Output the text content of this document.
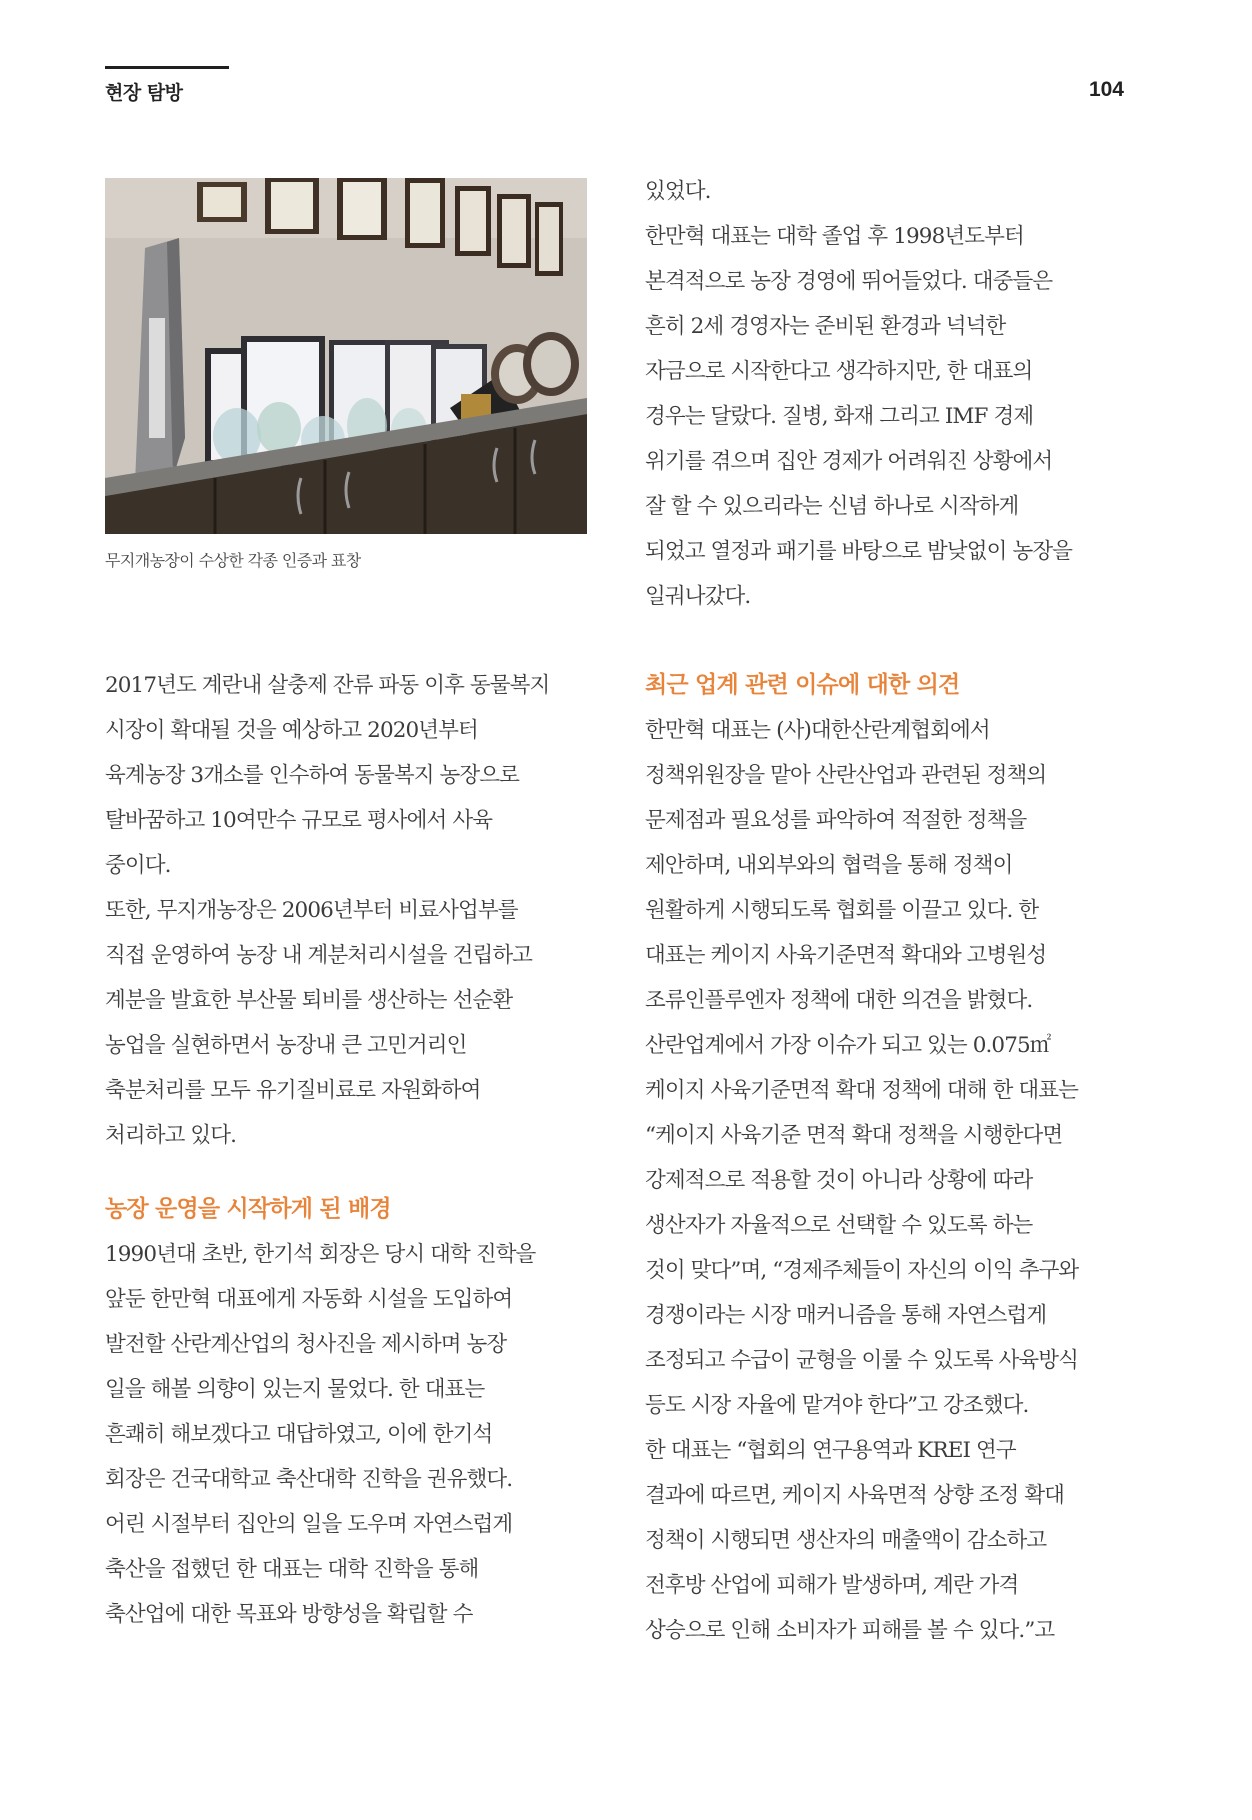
현장 탐방	104
무지개농장이 수상한 각종 인증과 표창
있었다.
한만혁 대표는 대학 졸업 후 1998년도부터
본격적으로 농장 경영에 뛰어들었다. 대중들은
흔히 2세 경영자는 준비된 환경과 넉넉한
자금으로 시작한다고 생각하지만, 한 대표의
경우는 달랐다. 질병, 화재 그리고 IMF 경제
위기를 겪으며 집안 경제가 어려워진 상황에서
잘 할 수 있으리라는 신념 하나로 시작하게
되었고 열정과 패기를 바탕으로 밤낮없이 농장을
일궈나갔다.
2017년도 계란내 살충제 잔류 파동 이후 동물복지
시장이 확대될 것을 예상하고 2020년부터
육계농장 3개소를 인수하여 동물복지 농장으로
탈바꿈하고 10여만수 규모로 평사에서 사육
중이다.
또한, 무지개농장은 2006년부터 비료사업부를
직접 운영하여 농장 내 계분처리시설을 건립하고
계분을 발효한 부산물 퇴비를 생산하는 선순환
농업을 실현하면서 농장내 큰 고민거리인
축분처리를 모두 유기질비료로 자원화하여
처리하고 있다.
농장 운영을 시작하게 된 배경
1990년대 초반, 한기석 회장은 당시 대학 진학을
앞둔 한만혁 대표에게 자동화 시설을 도입하여
발전할 산란계산업의 청사진을 제시하며 농장
일을 해볼 의향이 있는지 물었다. 한 대표는
흔쾌히 해보겠다고 대답하였고, 이에 한기석
회장은 건국대학교 축산대학 진학을 권유했다.
어린 시절부터 집안의 일을 도우며 자연스럽게
축산을 접했던 한 대표는 대학 진학을 통해
축산업에 대한 목표와 방향성을 확립할 수
최근 업계 관련 이슈에 대한 의견
한만혁 대표는 (사)대한산란계협회에서
정책위원장을 맡아 산란산업과 관련된 정책의
문제점과 필요성를 파악하여 적절한 정책을
제안하며, 내외부와의 협력을 통해 정책이
원활하게 시행되도록 협회를 이끌고 있다. 한
대표는 케이지 사육기준면적 확대와 고병원성
조류인플루엔자 정책에 대한 의견을 밝혔다.
산란업계에서 가장 이슈가 되고 있는 0.075㎡
케이지 사육기준면적 확대 정책에 대해 한 대표는
“케이지 사육기준 면적 확대 정책을 시행한다면
강제적으로 적용할 것이 아니라 상황에 따라
생산자가 자율적으로 선택할 수 있도록 하는
것이 맞다”며, “경제주체들이 자신의 이익 추구와
경쟁이라는 시장 매커니즘을 통해 자연스럽게
조정되고 수급이 균형을 이룰 수 있도록 사육방식
등도 시장 자율에 맡겨야 한다”고 강조했다.
한 대표는 “협회의 연구용역과 KREI 연구
결과에 따르면, 케이지 사육면적 상향 조정 확대
정책이 시행되면 생산자의 매출액이 감소하고
전후방 산업에 피해가 발생하며, 계란 가격
상승으로 인해 소비자가 피해를 볼 수 있다.”고
